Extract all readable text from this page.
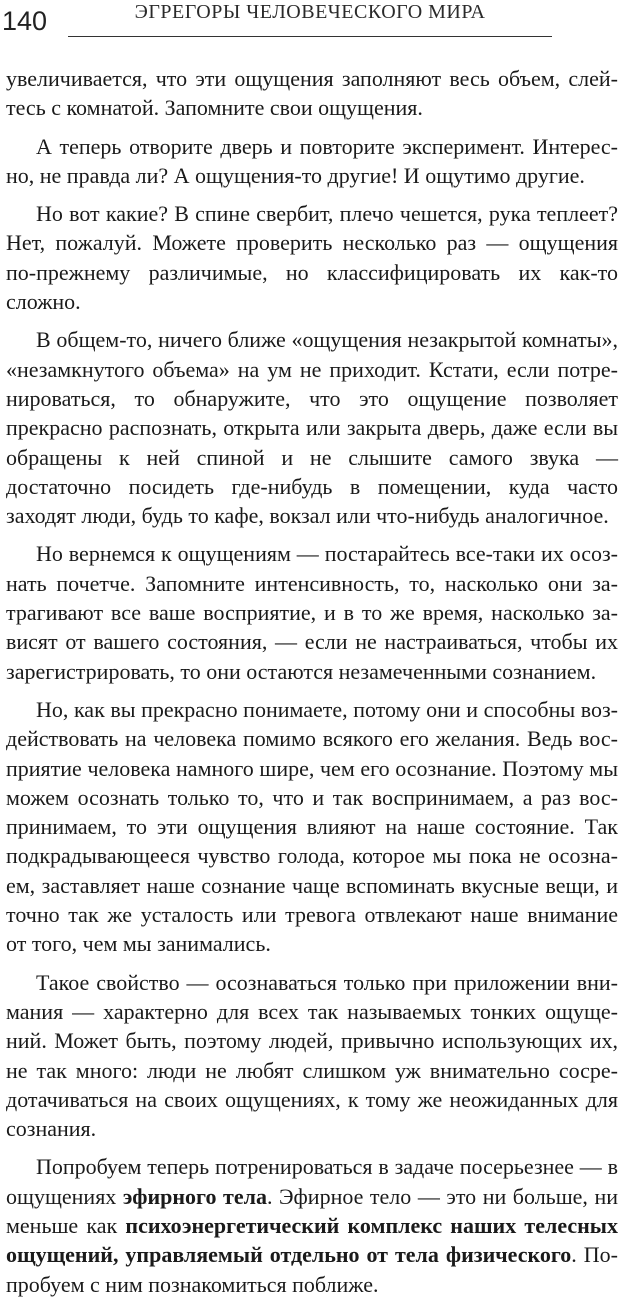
140	ЭГРЕГОРЫ ЧЕЛОВЕЧЕСКОГО МИРА

увеличивается, что эти ощущения заполняют весь объем, слейтесь с комнатой. Запомните свои ощущения.

А теперь отворите дверь и повторите эксперимент. Интересно, не правда ли? А ощущения-то другие! И ощутимо другие.

Но вот какие? В спине свербит, плечо чешется, рука теплеет? Нет, пожалуй. Можете проверить несколько раз — ощущения по-прежнему различимые, но классифицировать их как-то сложно.

В общем-то, ничего ближе «ощущения незакрытой комнаты», «незамкнутого объема» на ум не приходит. Кстати, если потренироваться, то обнаружите, что это ощущение позволяет прекрасно распознать, открыта или закрыта дверь, даже если вы обращены к ней спиной и не слышите самого звука — достаточно посидеть где-нибудь в помещении, куда часто заходят люди, будь то кафе, вокзал или что-нибудь аналогичное.

Но вернемся к ощущениям — постарайтесь все-таки их осознать почетче. Запомните интенсивность, то, насколько они затрагивают все ваше восприятие, и в то же время, насколько зависят от вашего состояния, — если не настраиваться, чтобы их зарегистрировать, то они остаются незамеченными сознанием.

Но, как вы прекрасно понимаете, потому они и способны воздействовать на человека помимо всякого его желания. Ведь восприятие человека намного шире, чем его осознание. Поэтому мы можем осознать только то, что и так воспринимаем, а раз воспринимаем, то эти ощущения влияют на наше состояние. Так подкрадывающееся чувство голода, которое мы пока не осознаем, заставляет наше сознание чаще вспоминать вкусные вещи, и точно так же усталость или тревога отвлекают наше внимание от того, чем мы занимались.

Такое свойство — осознаваться только при приложении внимания — характерно для всех так называемых тонких ощущений. Может быть, поэтому людей, привычно использующих их, не так много: люди не любят слишком уж внимательно сосредотачиваться на своих ощущениях, к тому же неожиданных для сознания.

Попробуем теперь потренироваться в задаче посерьезнее — в ощущениях эфирного тела. Эфирное тело — это ни больше, ни меньше как психоэнергетический комплекс наших телесных ощущений, управляемый отдельно от тела физического. Попробуем с ним познакомиться поближе.
